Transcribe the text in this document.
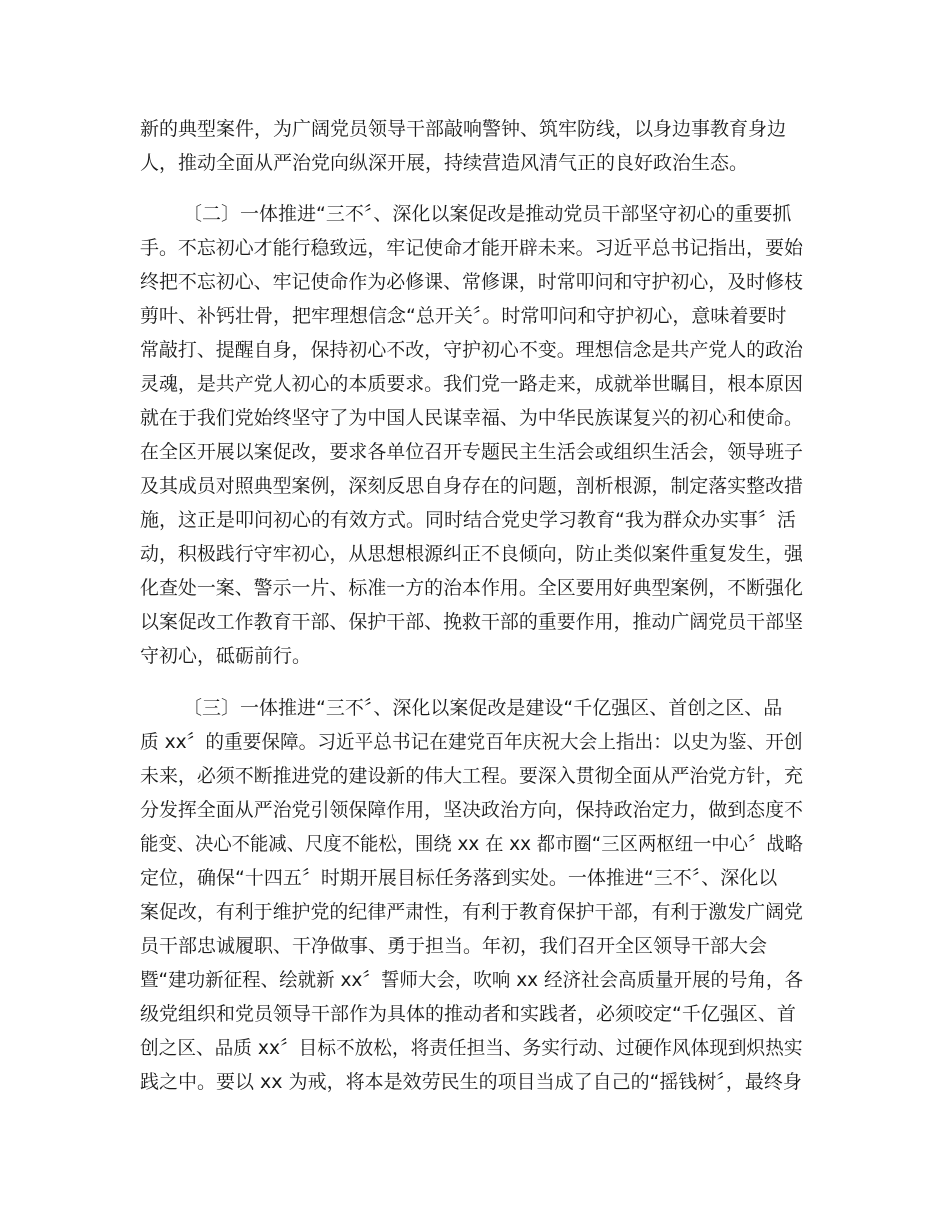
新的典型案件，为广阔党员领导干部敲响警钟、筑牢防线，以身边事教育身边
人，推动全面从严治党向纵深开展，持续营造风清气正的良好政治生态。
〔二〕一体推进“三不〞、深化以案促改是推动党员干部坚守初心的重要抓
手。不忘初心才能行稳致远，牢记使命才能开辟未来。习近平总书记指出，要始
终把不忘初心、牢记使命作为必修课、常修课，时常叩问和守护初心，及时修枝
剪叶、补钙壮骨，把牢理想信念“总开关〞。时常叩问和守护初心，意味着要时
常敲打、提醒自身，保持初心不改，守护初心不变。理想信念是共产党人的政治
灵魂，是共产党人初心的本质要求。我们党一路走来，成就举世瞩目，根本原因
就在于我们党始终坚守了为中国人民谋幸福、为中华民族谋复兴的初心和使命。
在全区开展以案促改，要求各单位召开专题民主生活会或组织生活会，领导班子
及其成员对照典型案例，深刻反思自身存在的问题，剖析根源，制定落实整改措
施，这正是叩问初心的有效方式。同时结合党史学习教育“我为群众办实事〞活
动，积极践行守牢初心，从思想根源纠正不良倾向，防止类似案件重复发生，强
化查处一案、警示一片、标准一方的治本作用。全区要用好典型案例，不断强化
以案促改工作教育干部、保护干部、挽救干部的重要作用，推动广阔党员干部坚
守初心，砥砺前行。
〔三〕一体推进“三不〞、深化以案促改是建设“千亿强区、首创之区、品
质 xx〞的重要保障。习近平总书记在建党百年庆祝大会上指出：以史为鉴、开创
未来，必须不断推进党的建设新的伟大工程。要深入贯彻全面从严治党方针，充
分发挥全面从严治党引领保障作用，坚决政治方向，保持政治定力，做到态度不
能变、决心不能减、尺度不能松，围绕 xx 在 xx 都市圈“三区两枢纽一中心〞战略
定位，确保“十四五〞时期开展目标任务落到实处。一体推进“三不〞、深化以
案促改，有利于维护党的纪律严肃性，有利于教育保护干部，有利于激发广阔党
员干部忠诚履职、干净做事、勇于担当。年初，我们召开全区领导干部大会
暨“建功新征程、绘就新 xx〞誓师大会，吹响 xx 经济社会高质量开展的号角，各
级党组织和党员领导干部作为具体的推动者和实践者，必须咬定“千亿强区、首
创之区、品质 xx〞目标不放松，将责任担当、务实行动、过硬作风体现到炽热实
践之中。要以 xx 为戒，将本是效劳民生的项目当成了自己的“摇钱树〞，最终身
